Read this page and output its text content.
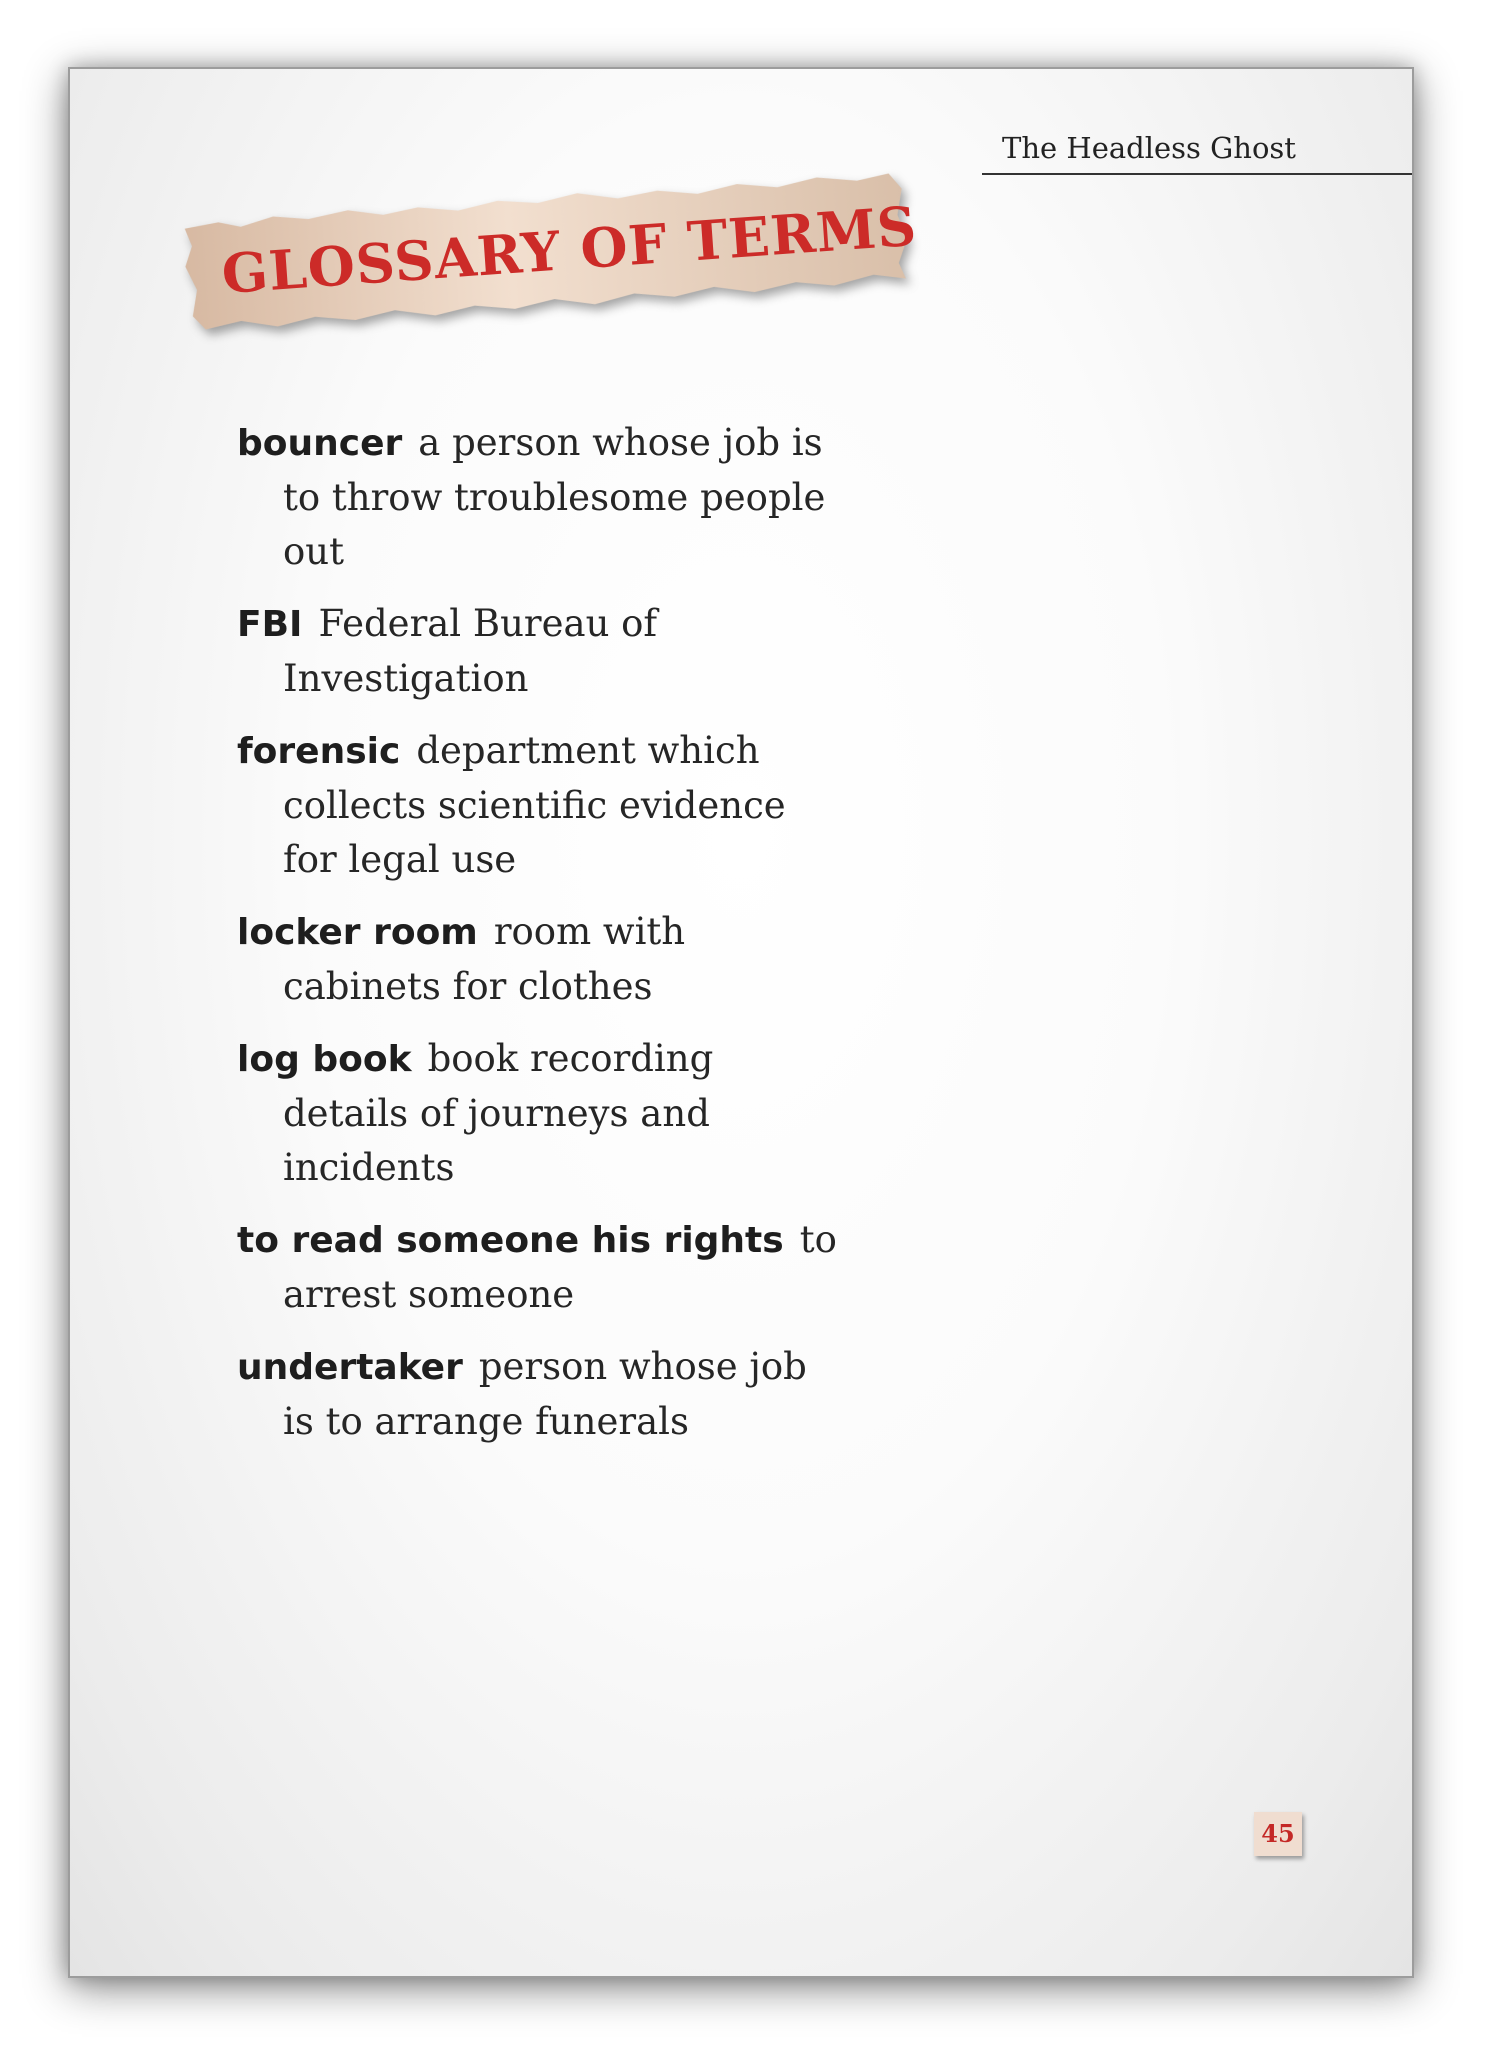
The Headless Ghost
GLOSSARY OF TERMS

bouncer a person whose job is to throw troublesome people out

FBI Federal Bureau of Investigation

forensic department which collects scientific evidence for legal use

locker room room with cabinets for clothes

log book book recording details of journeys and incidents

to read someone his rights to arrest someone

undertaker person whose job is to arrange funerals

45
